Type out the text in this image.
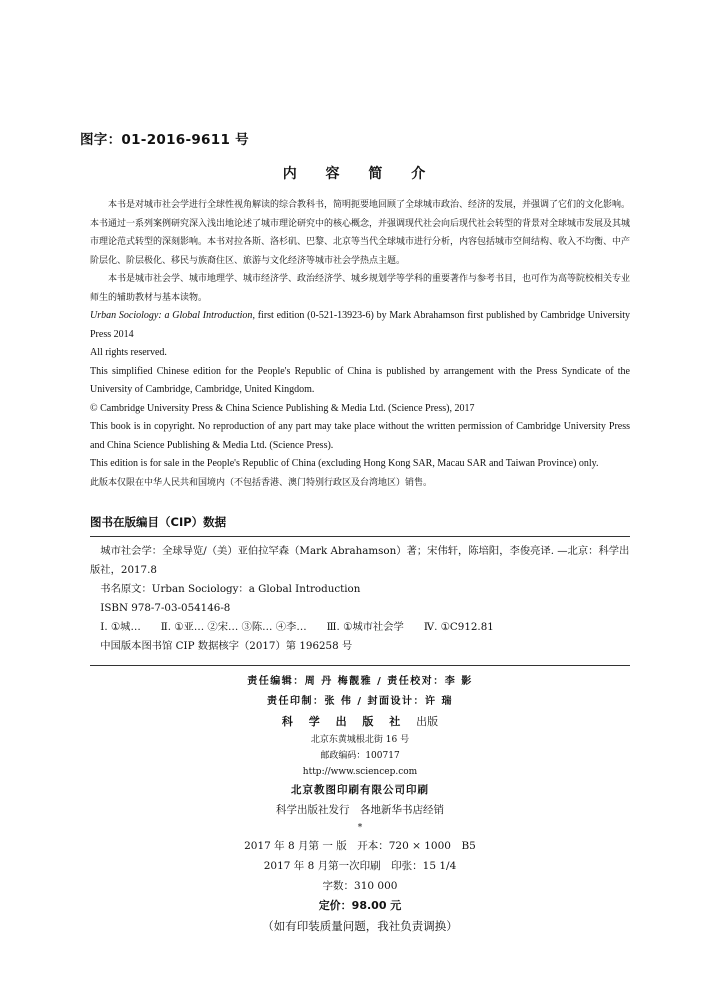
图字：01-2016-9611 号
内 容 简 介

本书是对城市社会学进行全球性视角解读的综合教科书，简明扼要地回顾了全球城市政治、经济的发展，并强调了它们的文化影响。本书通过一系列案例研究深入浅出地论述了城市理论研究中的核心概念，并强调现代社会向后现代社会转型的背景对全球城市发展及其城市理论范式转型的深刻影响。本书对拉各斯、洛杉矶、巴黎、北京等当代全球城市进行分析，内容包括城市空间结构、收入不均衡、中产阶层化、阶层极化、移民与族裔住区、旅游与文化经济等城市社会学热点主题。

本书是城市社会学、城市地理学、城市经济学、政治经济学、城乡规划学等学科的重要著作与参考书目，也可作为高等院校相关专业师生的辅助教材与基本读物。

Urban Sociology: a Global Introduction, first edition (0-521-13923-6) by Mark Abrahamson first published by Cambridge University Press 2014

All rights reserved.

This simplified Chinese edition for the People's Republic of China is published by arrangement with the Press Syndicate of the University of Cambridge, Cambridge, United Kingdom.

© Cambridge University Press & China Science Publishing & Media Ltd. (Science Press), 2017

This book is in copyright. No reproduction of any part may take place without the written permission of Cambridge University Press and China Science Publishing & Media Ltd. (Science Press).

This edition is for sale in the People's Republic of China (excluding Hong Kong SAR, Macau SAR and Taiwan Province) only.

此版本仅限在中华人民共和国境内（不包括香港、澳门特别行政区及台湾地区）销售。

图书在版编目（CIP）数据

城市社会学：全球导览/（美）亚伯拉罕森（Mark Abrahamson）著；宋伟轩，陈培阳，李俊亮译. —北京：科学出版社，2017.8

书名原文：Urban Sociology：a Global Introduction

ISBN 978-7-03-054146-8

Ⅰ. ①城… Ⅱ. ①亚… ②宋… ③陈… ④李… Ⅲ. ①城市社会学 Ⅳ. ①C912.81

中国版本图书馆 CIP 数据核字（2017）第 196258 号

责任编辑：周 丹 梅靓雅 / 责任校对：李 影
责任印制：张 伟 / 封面设计：许 瑞
科 学 出 版 社 出版
北京东黄城根北街 16 号
邮政编码：100717
http://www.sciencep.com
北京教图印刷有限公司印刷
科学出版社发行　各地新华书店经销
*
2017 年 8 月第 一 版　开本：720 × 1000　B5
2017 年 8 月第一次印刷　印张：15 1/4
字数：310 000
定价：98.00 元
（如有印装质量问题，我社负责调换）
